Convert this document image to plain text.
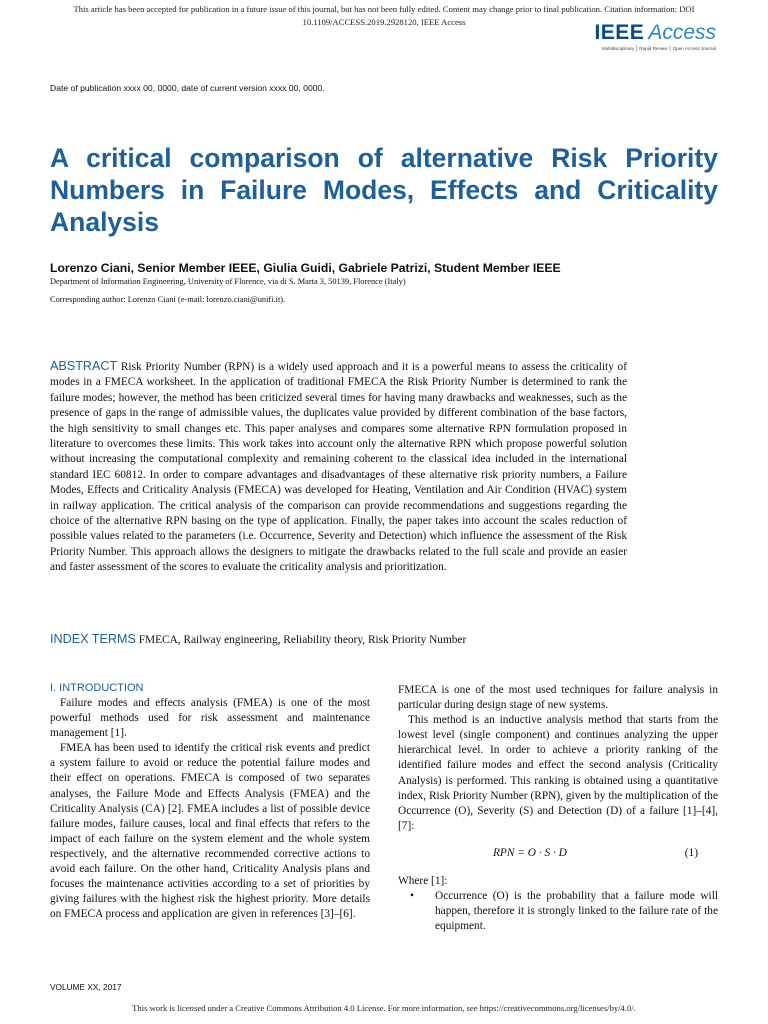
This article has been accepted for publication in a future issue of this journal, but has not been fully edited. Content may change prior to final publication. Citation information: DOI
10.1109/ACCESS.2019.2928120, IEEE Access	IEEE Access
Multidisciplinary ⎮ Rapid Review ⎮ Open Access Journal
Date of publication xxxx 00, 0000, date of current version xxxx 00, 0000.
A critical comparison of alternative Risk Priority Numbers in Failure Modes, Effects and Criticality Analysis
Lorenzo Ciani, Senior Member IEEE, Giulia Guidi, Gabriele Patrizi, Student Member IEEE
Department of Information Engineering, University of Florence, via di S. Marta 3, 50139, Florence (Italy)
Corresponding author: Lorenzo Ciani (e-mail: lorenzo.ciani@unifi.it).
ABSTRACT Risk Priority Number (RPN) is a widely used approach and it is a powerful means to assess the criticality of modes in a FMECA worksheet. In the application of traditional FMECA the Risk Priority Number is determined to rank the failure modes; however, the method has been criticized several times for having many drawbacks and weaknesses, such as the presence of gaps in the range of admissible values, the duplicates value provided by different combination of the base factors, the high sensitivity to small changes etc. This paper analyses and compares some alternative RPN formulation proposed in literature to overcomes these limits. This work takes into account only the alternative RPN which propose powerful solution without increasing the computational complexity and remaining coherent to the classical idea included in the international standard IEC 60812. In order to compare advantages and disadvantages of these alternative risk priority numbers, a Failure Modes, Effects and Criticality Analysis (FMECA) was developed for Heating, Ventilation and Air Condition (HVAC) system in railway application. The critical analysis of the comparison can provide recommendations and suggestions regarding the choice of the alternative RPN basing on the type of application. Finally, the paper takes into account the scales reduction of possible values related to the parameters (i.e. Occurrence, Severity and Detection) which influence the assessment of the Risk Priority Number. This approach allows the designers to mitigate the drawbacks related to the full scale and provide an easier and faster assessment of the scores to evaluate the criticality analysis and prioritization.
INDEX TERMS FMECA, Railway engineering, Reliability theory, Risk Priority Number

I. INTRODUCTION

Failure modes and effects analysis (FMEA) is one of the most powerful methods used for risk assessment and maintenance management [1].

FMEA has been used to identify the critical risk events and predict a system failure to avoid or reduce the potential failure modes and their effect on operations. FMECA is composed of two separates analyses, the Failure Mode and Effects Analysis (FMEA) and the Criticality Analysis (CA) [2]. FMEA includes a list of possible device failure modes, failure causes, local and final effects that refers to the impact of each failure on the system element and the whole system respectively, and the alternative recommended corrective actions to avoid each failure. On the other hand, Criticality Analysis plans and focuses the maintenance activities according to a set of priorities by giving failures with the highest risk the highest priority. More details on FMECA process and application are given in references [3]–[6].

FMECA is one of the most used techniques for failure analysis in particular during design stage of new systems.

This method is an inductive analysis method that starts from the lowest level (single component) and continues analyzing the upper hierarchical level. In order to achieve a priority ranking of the identified failure modes and effect the second analysis (Criticality Analysis) is performed. This ranking is obtained using a quantitative index, Risk Priority Number (RPN), given by the multiplication of the Occurrence (O), Severity (S) and Detection (D) of a failure [1]–[4], [7]:

RPN = O · S · D	(1)

Where [1]:

• Occurrence (O) is the probability that a failure mode will happen, therefore it is strongly linked to the failure rate of the equipment.

VOLUME XX, 2017
This work is licensed under a Creative Commons Attribution 4.0 License. For more information, see https://creativecommons.org/licenses/by/4.0/.
